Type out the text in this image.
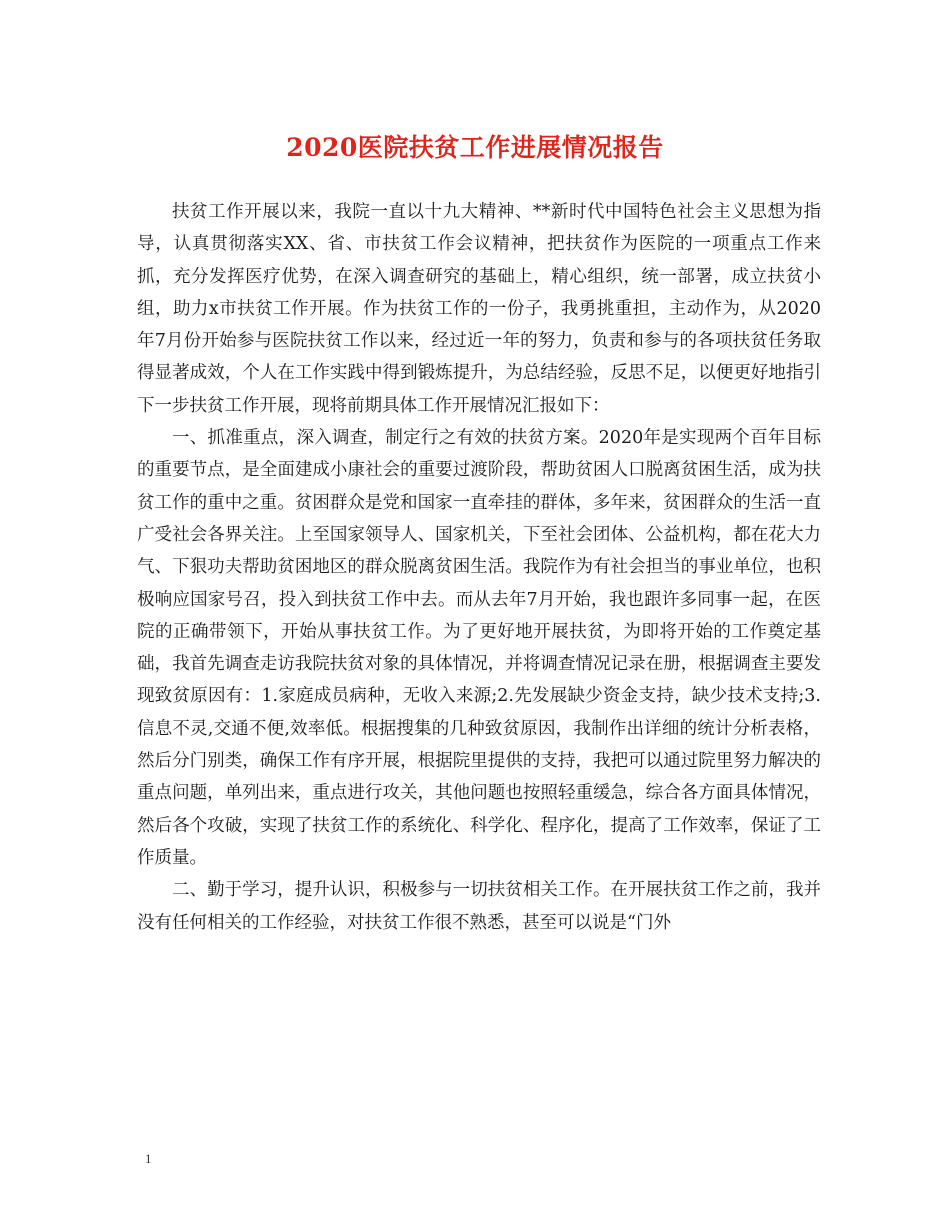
2020医院扶贫工作进展情况报告

扶贫工作开展以来，我院一直以十九大精神、**新时代中国特色社会主义思想为指导，认真贯彻落实XX、省、市扶贫工作会议精神，把扶贫作为医院的一项重点工作来抓，充分发挥医疗优势，在深入调查研究的基础上，精心组织，统一部署，成立扶贫小组，助力x市扶贫工作开展。作为扶贫工作的一份子，我勇挑重担，主动作为，从2020年7月份开始参与医院扶贫工作以来，经过近一年的努力，负责和参与的各项扶贫任务取得显著成效，个人在工作实践中得到锻炼提升，为总结经验，反思不足，以便更好地指引下一步扶贫工作开展，现将前期具体工作开展情况汇报如下：

一、抓准重点，深入调查，制定行之有效的扶贫方案。2020年是实现两个百年目标的重要节点，是全面建成小康社会的重要过渡阶段，帮助贫困人口脱离贫困生活，成为扶贫工作的重中之重。贫困群众是党和国家一直牵挂的群体，多年来，贫困群众的生活一直广受社会各界关注。上至国家领导人、国家机关，下至社会团体、公益机构，都在花大力气、下狠功夫帮助贫困地区的群众脱离贫困生活。我院作为有社会担当的事业单位，也积极响应国家号召，投入到扶贫工作中去。而从去年7月开始，我也跟许多同事一起，在医院的正确带领下，开始从事扶贫工作。为了更好地开展扶贫，为即将开始的工作奠定基础，我首先调查走访我院扶贫对象的具体情况，并将调查情况记录在册，根据调查主要发现致贫原因有：1.家庭成员病种，无收入来源;2.先发展缺少资金支持，缺少技术支持;3.信息不灵,交通不便,效率低。根据搜集的几种致贫原因，我制作出详细的统计分析表格，然后分门别类，确保工作有序开展，根据院里提供的支持，我把可以通过院里努力解决的重点问题，单列出来，重点进行攻关，其他问题也按照轻重缓急，综合各方面具体情况，然后各个攻破，实现了扶贫工作的系统化、科学化、程序化，提高了工作效率，保证了工作质量。

二、勤于学习，提升认识，积极参与一切扶贫相关工作。在开展扶贫工作之前，我并没有任何相关的工作经验，对扶贫工作很不熟悉，甚至可以说是“门外

1
